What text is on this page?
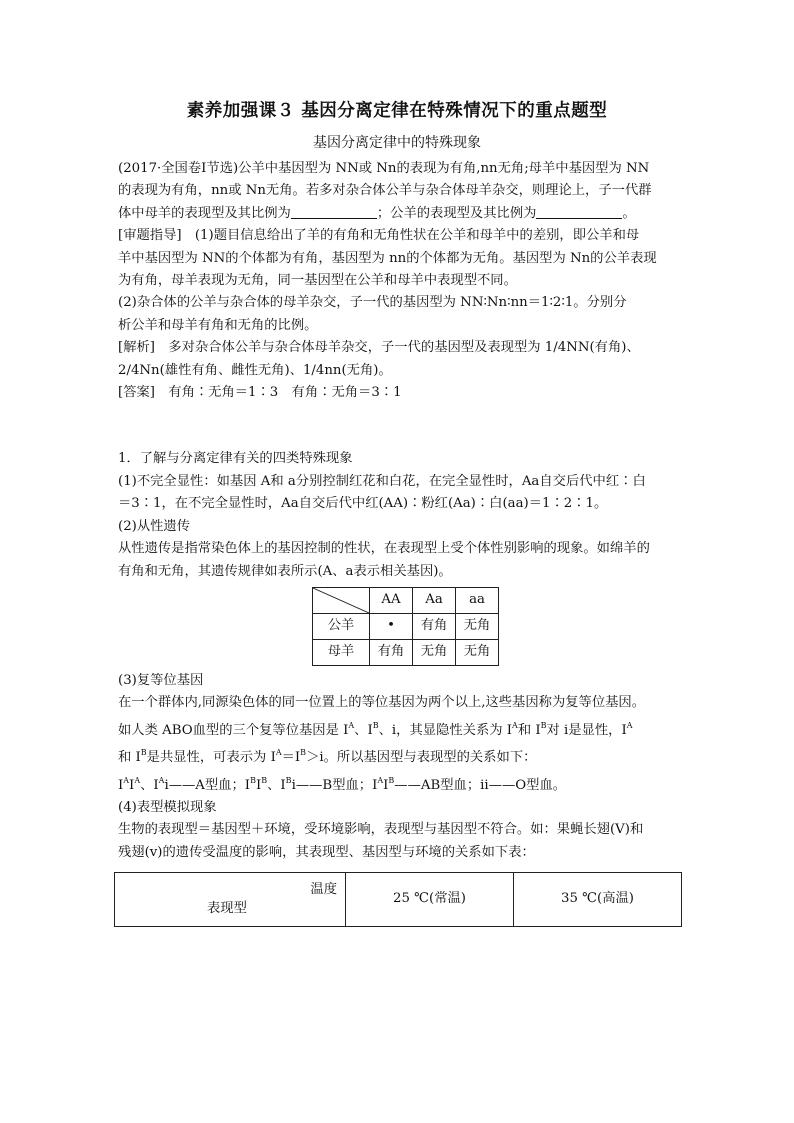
素养加强课３ 基因分离定律在特殊情况下的重点题型
基因分离定律中的特殊现象

(2017·全国卷Ⅰ节选)公羊中基因型为 NN或 Nn的表现为有角,nn无角;母羊中基因型为 NN

的表现为有角，nn或 Nn无角。若多对杂合体公羊与杂合体母羊杂交，则理论上，子一代群

体中母羊的表现型及其比例为	；公羊的表现型及其比例为	。

[审题指导]　(1)题目信息给出了羊的有角和无角性状在公羊和母羊中的差别，即公羊和母

羊中基因型为 NN的个体都为有角，基因型为 nn的个体都为无角。基因型为 Nn的公羊表现

为有角，母羊表现为无角，同一基因型在公羊和母羊中表现型不同。

(2)杂合体的公羊与杂合体的母羊杂交，子一代的基因型为 NN∶Nn∶nn＝1∶2∶1。分别分

析公羊和母羊有角和无角的比例。

[解析]　多对杂合体公羊与杂合体母羊杂交，子一代的基因型及表现型为 1/4NN(有角)、

2/4Nn(雄性有角、雌性无角)、1/4nn(无角)。

[答案]　有角∶无角＝1∶3　有角∶无角＝3∶1

1．了解与分离定律有关的四类特殊现象

(1)不完全显性：如基因 A和 a分别控制红花和白花，在完全显性时，Aa自交后代中红∶白

＝3∶1，在不完全显性时，Aa自交后代中红(AA)∶粉红(Aa)∶白(aa)＝1∶2∶1。

(2)从性遗传

从性遗传是指常染色体上的基因控制的性状，在表现型上受个体性别影响的现象。如绵羊的

有角和无角，其遗传规律如表所示(A、a表示相关基因)。

	AA	Aa	aa
公羊	•	有角	无角
母羊	有角	无角	无角

(3)复等位基因

在一个群体内,同源染色体的同一位置上的等位基因为两个以上,这些基因称为复等位基因。

如人类 ABO血型的三个复等位基因是 $I^A$、$I^B$、i，其显隐性关系为 $I^A$和 $I^B$对 i是显性，$I^A$

和 $I^B$是共显性，可表示为 $I^A=I^B>i$。所以基因型与表现型的关系如下：

$I^AI^A$、$I^Ai——A$型血；$I^BI^B$、$I^Bi——B$型血；$I^AI^B——AB$型血；ii——O型血。

(4)表型模拟现象

生物的表现型＝基因型＋环境，受环境影响，表现型与基因型不符合。如：果蝇长翅(V)和

残翅(v)的遗传受温度的影响，其表现型、基因型与环境的关系如下表：

温度
表现型
	25 ℃(常温)	35 ℃(高温)
